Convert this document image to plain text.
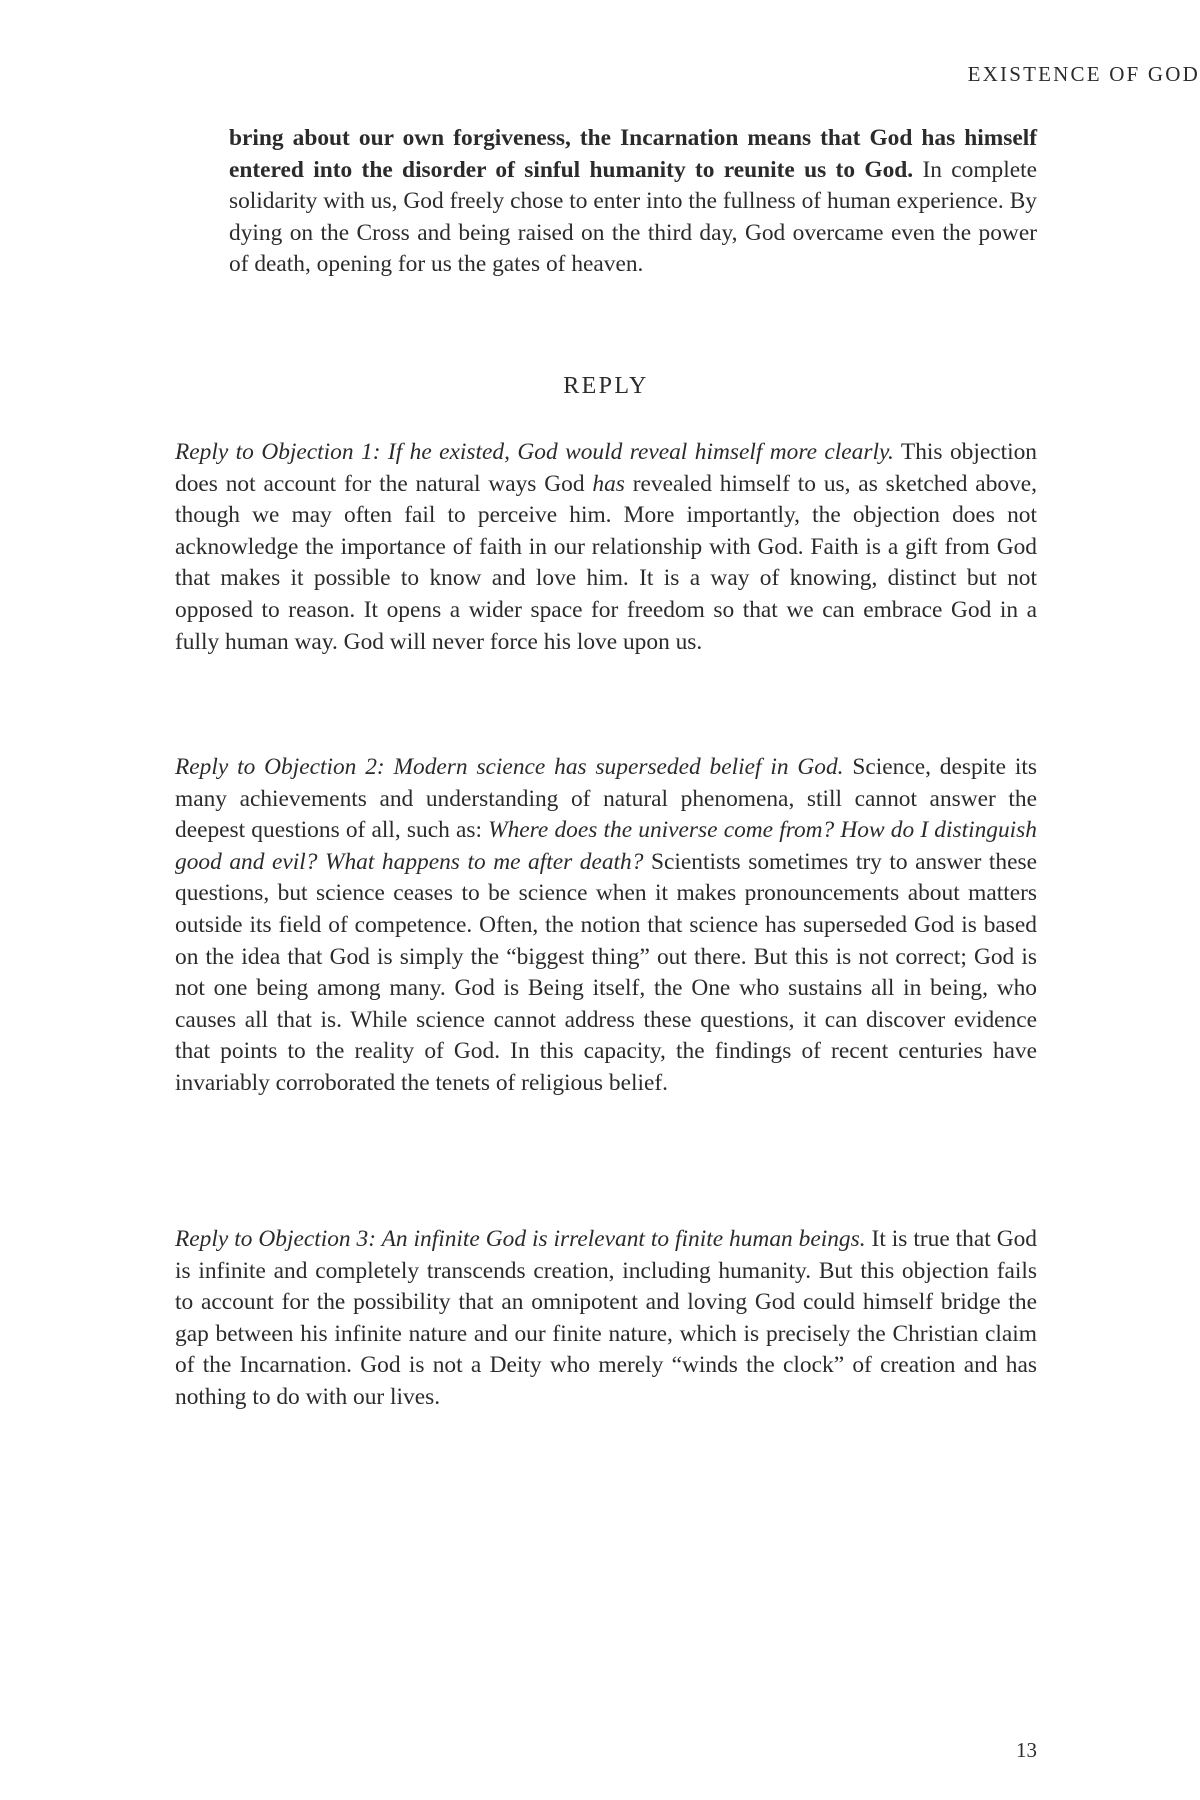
EXISTENCE OF GOD
bring about our own forgiveness, the Incarnation means that God has himself entered into the disorder of sinful humanity to reunite us to God. In complete solidarity with us, God freely chose to enter into the fullness of human experience. By dying on the Cross and being raised on the third day, God overcame even the power of death, opening for us the gates of heaven.
REPLY
Reply to Objection 1: If he existed, God would reveal himself more clearly. This objection does not account for the natural ways God has revealed himself to us, as sketched above, though we may often fail to perceive him. More importantly, the objection does not acknowledge the importance of faith in our relationship with God. Faith is a gift from God that makes it possible to know and love him. It is a way of knowing, distinct but not opposed to reason. It opens a wider space for freedom so that we can embrace God in a fully human way. God will never force his love upon us.
Reply to Objection 2: Modern science has superseded belief in God. Science, despite its many achievements and understanding of natural phenomena, still cannot answer the deepest questions of all, such as: Where does the universe come from? How do I distinguish good and evil? What happens to me after death? Scientists sometimes try to answer these questions, but science ceases to be science when it makes pronouncements about matters outside its field of competence. Often, the notion that science has superseded God is based on the idea that God is simply the “biggest thing” out there. But this is not correct; God is not one being among many. God is Being itself, the One who sustains all in being, who causes all that is. While science cannot address these questions, it can discover evidence that points to the reality of God. In this capacity, the findings of recent centuries have invariably corroborated the tenets of religious belief.
Reply to Objection 3: An infinite God is irrelevant to finite human beings. It is true that God is infinite and completely transcends creation, including humanity. But this objection fails to account for the possibility that an omnipotent and loving God could himself bridge the gap between his infinite nature and our finite nature, which is precisely the Christian claim of the Incarnation. God is not a Deity who merely “winds the clock” of creation and has nothing to do with our lives.
13
